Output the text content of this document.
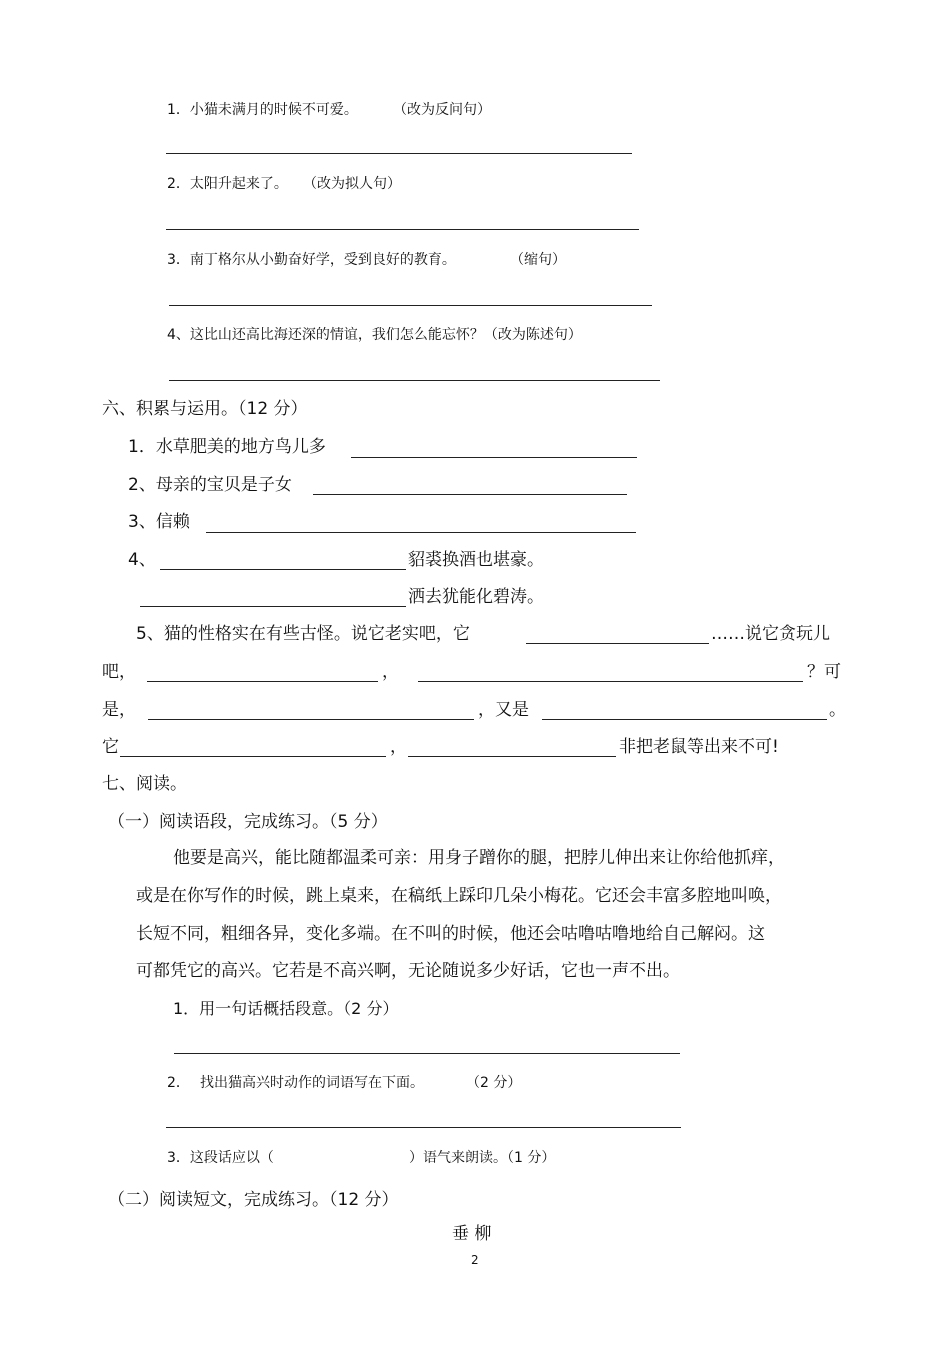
1．小猫未满月的时候不可爱。	（改为反问句）
2．太阳升起来了。 （改为拟人句）
3．南丁格尔从小勤奋好学，受到良好的教育。	（缩句）
4、这比山还高比海还深的情谊，我们怎么能忘怀？（改为陈述句）
六、积累与运用。（12 分）
1．水草肥美的地方鸟儿多
2、母亲的宝贝是子女
3、信赖
4、	貂裘换酒也堪豪。
洒去犹能化碧涛。
5、猫的性格实在有些古怪。说它老实吧，它	……说它贪玩儿
吧，	，	？可
是，	，又是	。
它	，	非把老鼠等出来不可!
七、阅读。
（一）阅读语段，完成练习。（5 分）
他要是高兴，能比随都温柔可亲：用身子蹭你的腿，把脖儿伸出来让你给他抓痒，
或是在你写作的时候，跳上桌来，在稿纸上踩印几朵小梅花。它还会丰富多腔地叫唤，
长短不同，粗细各异，变化多端。在不叫的时候，他还会咕噜咕噜地给自己解闷。这
可都凭它的高兴。它若是不高兴啊，无论随说多少好话，它也一声不出。
1．用一句话概括段意。（2 分）
2． 找出猫高兴时动作的词语写在下面。	（2 分）
3．这段话应以（	）语气来朗读。（1 分）
（二）阅读短文，完成练习。（12 分）
垂 柳
2
